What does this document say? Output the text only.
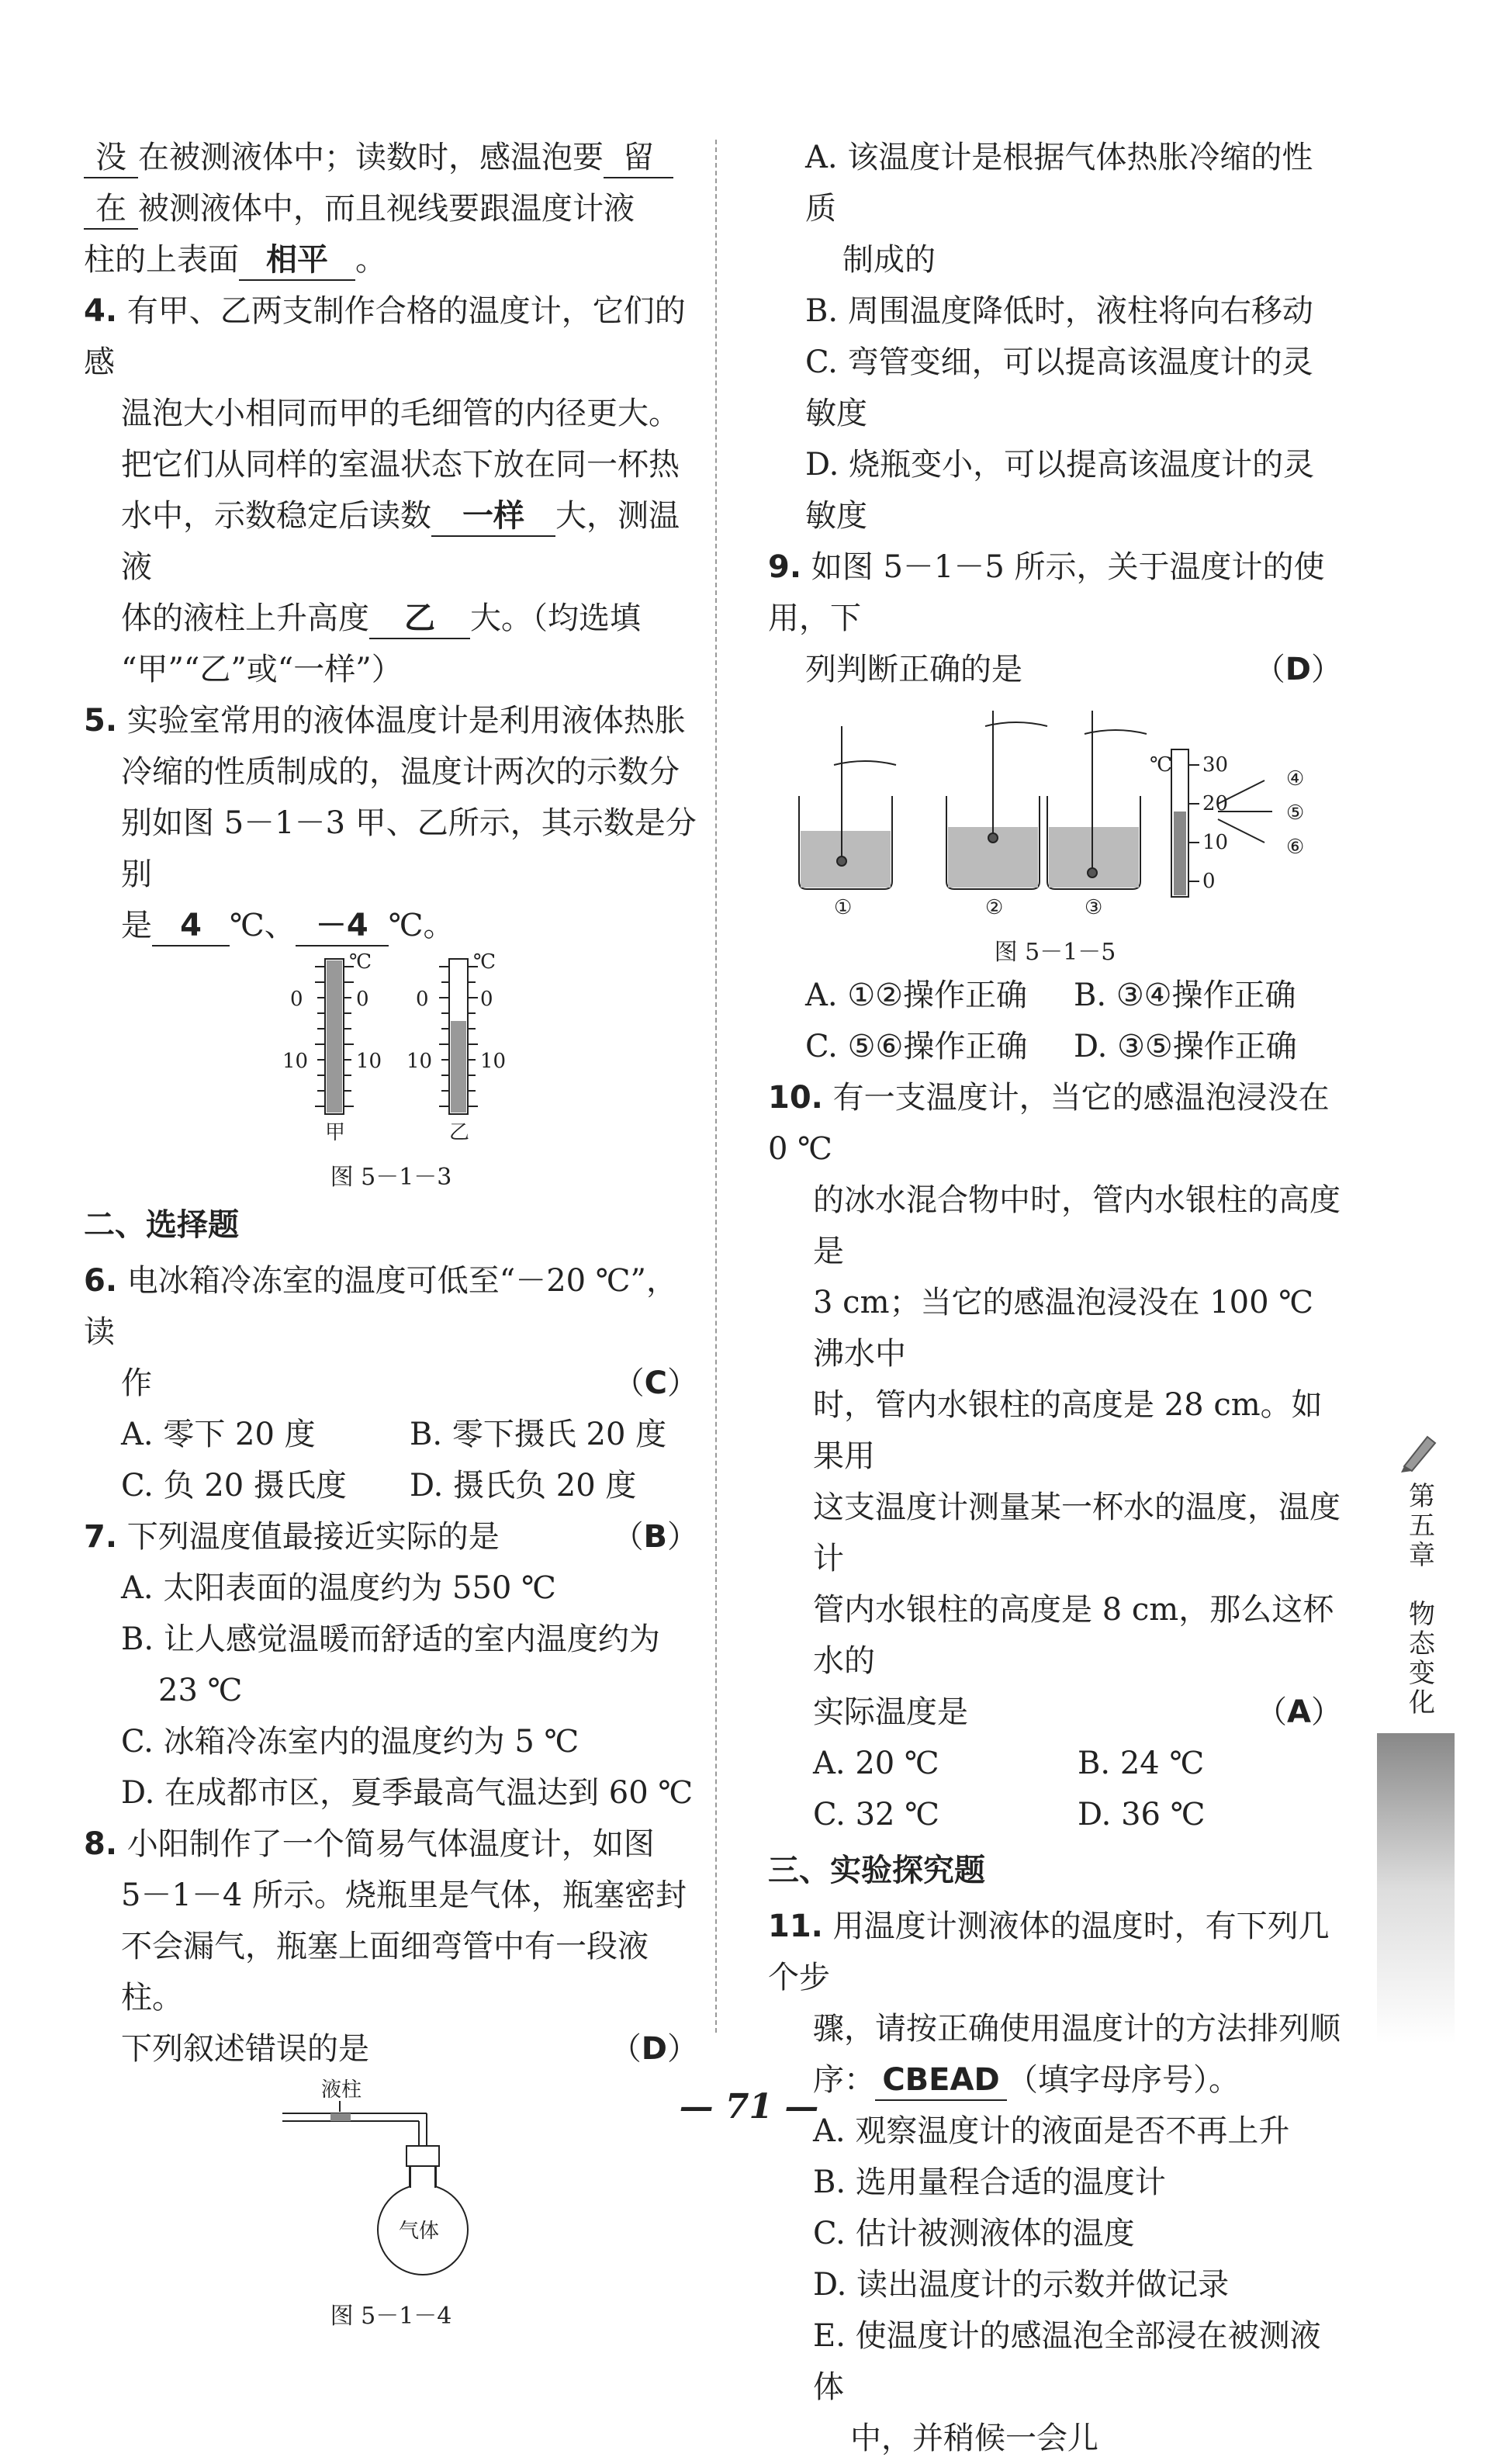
没 在被测液体中；读数时，感温泡要 留
在 被测液体中，而且视线要跟温度计液
柱的上表面 相平 。
4. 有甲、乙两支制作合格的温度计，它们的感
温泡大小相同而甲的毛细管的内径更大。
把它们从同样的室温状态下放在同一杯热
水中，示数稳定后读数 一样 大，测温液
体的液柱上升高度 乙 大。（均选填
“甲”“乙”或“一样”）
5. 实验室常用的液体温度计是利用液体热胀
冷缩的性质制成的，温度计两次的示数分
别如图 5－1－3 甲、乙所示，其示数是分别
是 4 ℃、 －4 ℃。
℃
0	0
10 10
甲
℃
0	0
10 10
乙
图 5－1－3
二、选择题
6. 电冰箱冷冻室的温度可低至“－20 ℃”，读
作	（C）
A. 零下 20 度	B. 零下摄氏 20 度
C. 负 20 摄氏度	D. 摄氏负 20 度
7. 下列温度值最接近实际的是	（B）
A. 太阳表面的温度约为 550 ℃
B. 让人感觉温暖而舒适的室内温度约为
23 ℃
C. 冰箱冷冻室内的温度约为 5 ℃
D. 在成都市区，夏季最高气温达到 60 ℃
8. 小阳制作了一个简易气体温度计，如图
5－1－4 所示。烧瓶里是气体，瓶塞密封
不会漏气，瓶塞上面细弯管中有一段液柱。
下列叙述错误的是	（D）
液柱
气体
图 5－1－4
A. 该温度计是根据气体热胀冷缩的性质
制成的
B. 周围温度降低时，液柱将向右移动
C. 弯管变细，可以提高该温度计的灵敏度
D. 烧瓶变小，可以提高该温度计的灵敏度
9. 如图 5－1－5 所示，关于温度计的使用，下
列判断正确的是	（D）
①	②	③
℃ 30
20
10
0
④
⑤
⑥
图 5－1－5
A. ①②操作正确	B. ③④操作正确
C. ⑤⑥操作正确	D. ③⑤操作正确
10. 有一支温度计，当它的感温泡浸没在 0 ℃
的冰水混合物中时，管内水银柱的高度是
3 cm；当它的感温泡浸没在 100 ℃沸水中
时，管内水银柱的高度是 28 cm。如果用
这支温度计测量某一杯水的温度，温度计
管内水银柱的高度是 8 cm，那么这杯水的
实际温度是	（A）
A. 20 ℃	B. 24 ℃
C. 32 ℃	D. 36 ℃
三、实验探究题
11. 用温度计测液体的温度时，有下列几个步
骤，请按正确使用温度计的方法排列顺
序： CBEAD （填字母序号）。
A. 观察温度计的液面是否不再上升
B. 选用量程合适的温度计
C. 估计被测液体的温度
D. 读出温度计的示数并做记录
E. 使温度计的感温泡全部浸在被测液体
中，并稍候一会儿
第五章　物态变化
— 71 —
